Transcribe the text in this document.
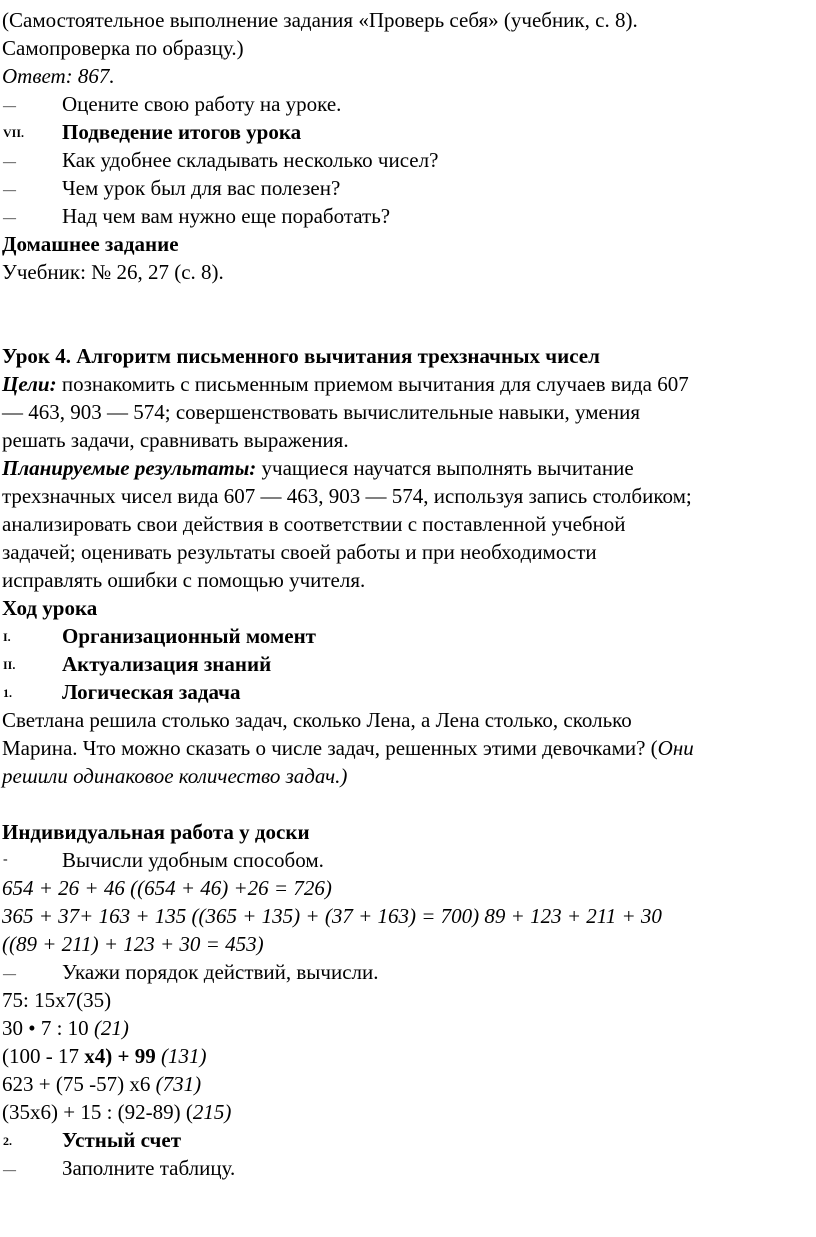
(Самостоятельное выполнение задания «Проверь себя» (учебник, с. 8).

Самопроверка по образцу.)

Ответ: 867.

— Оцените свою работу на уроке.
VII. Подведение итогов урока
— Как удобнее складывать несколько чисел?
— Чем урок был для вас полезен?
— Над чем вам нужно еще поработать?

Домашнее задание

Учебник: № 26, 27 (с. 8).

Урок 4. Алгоритм письменного вычитания трехзначных чисел

Цели: познакомить с письменным приемом вычитания для случаев вида 607

— 463, 903 — 574; совершенствовать вычислительные навыки, умения

решать задачи, сравнивать выражения.

Планируемые результаты: учащиеся научатся выполнять вычитание

трехзначных чисел вида 607 — 463, 903 — 574, используя запись столбиком;

анализировать свои действия в соответствии с поставленной учебной

задачей; оценивать результаты своей работы и при необходимости

исправлять ошибки с помощью учителя.

Ход урока

I. Организационный момент
II. Актуализация знаний
1. Логическая задача

Светлана решила столько задач, сколько Лена, а Лена столько, сколько

Марина. Что можно сказать о числе задач, решенных этими девочками? (Они

решили одинаковое количество задач.)

Индивидуальная работа у доски

-	Вычисли удобным способом.

654 + 26 + 46 ((654 + 46) +26 = 726)

365 + 37+ 163 + 135 ((365 + 135) + (37 + 163) = 700) 89 + 123 + 211 + 30

((89 + 211) + 123 + 30 = 453)

— Укажи порядок действий, вычисли.

75: 15х7(35)

30 • 7 : 10 (21)

(100 - 17 х4) + 99 (131)

623 + (75 -57) х6 (731)

(35х6) + 15 : (92-89) (215)

2. Устный счет
— Заполните таблицу.
